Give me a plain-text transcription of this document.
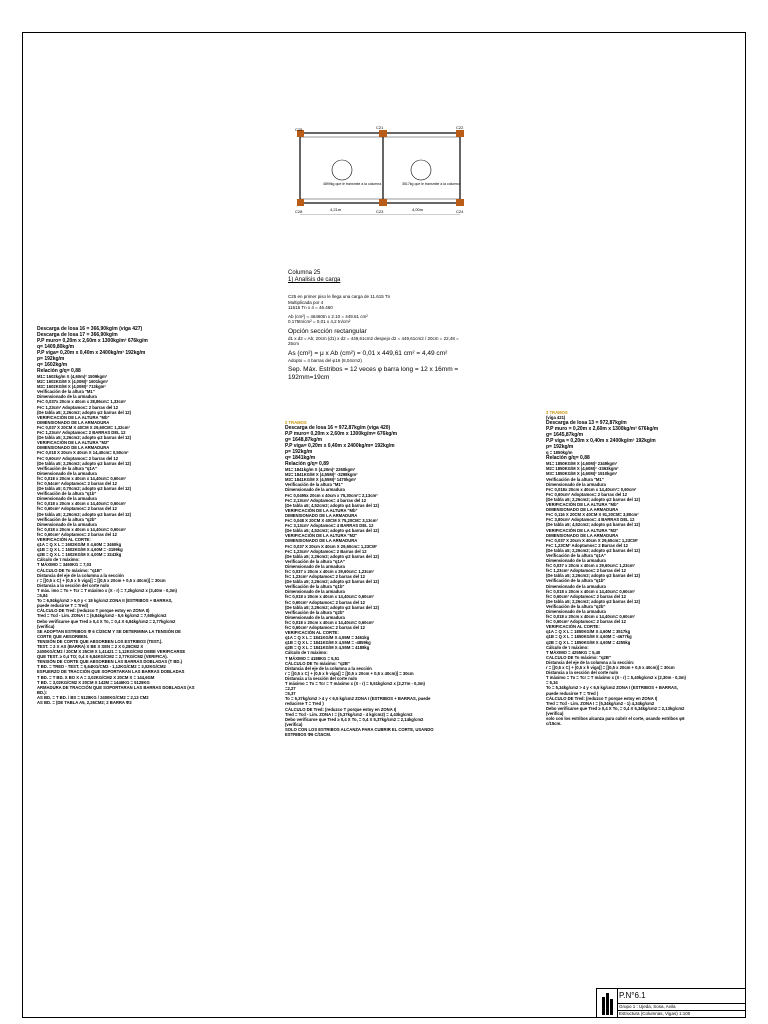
C25	C21	C22
C28	C23	C24
4,21m	4,00m
4899kg que le transmite a la columna	3517kg que le transmite a la columna
Columna 25
1) Analisis de carga
C25 en primer piso le llega una carga de 11.615 Tn
Multiplicada por 4
11615 Tn x 4 = 46.460
Ab (cm²) = 46460tn x 2.10 = 449.61 cm²
0.175tn/cm² = 0,01 x 4,2 tn/cm²
Opción sección rectangular
d1 x d2 = Ab; 20cm (d1) x d2 = 449,61cm2 despejo d2 = 449,61cm2 / 20cm = 22,48 = 25cm
As (cm²) = μ x Ab (cm²) = 0,01 x 449,61 cm² = 4,49 cm²
Adopto = 4 barras del φ16 (8,04cm2)
Sep. Máx. Estribos = 12 veces φ barra long = 12 x 16mm = 192mm=19cm
Descarga de losa 16 = 366,90kg/m (viga 427)
Descarga de losa 17 = 366,90kg/m
P.P muro= 0,20m x 2,60m x 1300kg/m³ 676kg/m
q= 1409,80kg/m
P.P viga= 0,20m x 0,40m x 2400kg/m³ 192kg/m
p= 192kg/m
q= 1602kg/m
Relación g/q= 0,88
M1= 1602kg/m X (4,60m)² 1509kgm²
M2= 1602KG/M X (4,00M)² 1601kgm²
M3= 1602KG/M X (4,00M)² 713kgm²
Verificación de la altura "M1"
Dimensionado de la armadura
Fe= 0,037x 20cm x 40cm x 28,86cm= 1,33cm²
Fe= 1,23cm² Adoptamos= 2 barras del 12
(De tabla a5; 2,26cm2; adopto φ2 barras del 12)
VERIFICACIÓN DE LA ALTURA "Mb"
DIMENSIONADO DE LA ARMADURA
Fe= 0,037 X 20CM X 40CM X 29,60CM= 1,32cm²
Fe= 1,23cm² Adoptamos= 2 BARRAS DEL 12
(De tabla a5; 2,26cm2; adopto φ2 barras del 12)
VERIFICACIÓN DE LA ALTURA "M2"
DIMENSIONADO DE LA ARMADURA
Fe= 0,018 X 20cm X 40cm X 14,40cm= 0,50cm²
Fe= 0,60cm² Adoptamos= 2 barras del 12
(De tabla a5; 2,26cm2; adopto φ2 barras del 12)
Verificación de la altura "q1A"
Dimensionado de la armadura
fe= 0,018 x 20cm x 40cm x 14,40cm= 0,60cm²
fe= 0,54cm² Adoptamos= 2 barras del 12
(De tabla a5; 0,70cm2; adopto φ2 barras del 12)
Verificación de la altura "q1b"
Dimensionado de la armadura
fe= 0,018 x 20cm x 40cm x 14,40cm= 0,60cm²
fe= 0,60cm² Adoptamos= 2 barras del 12
(De tabla a5; 2,26cm2; adopto φ2 barras del 12)
Verificación de la altura "q2b"
Dimensionado de la armadura
fe= 0,018 x 20cm x 40cm x 14,40cm= 0,60cm²
fe= 0,60cm² Adoptamos= 2 barras del 12
VERIFICACIÓN AL CORTE:
q1A = Q X L = 1602KG/M X 4,60M = 3460kg
q1B = Q X L = 1602KG/M X 4,60M = -3199kg
q2B = Q X L = 1602KG/M X 4,00M = 3243kg
Cálculo de τ máximo:
T MÁXIMO = 3460KG = 7,03
CÁLCULO DE To máximo: "q1B"
Distancia del eje de la columna a la sección
r = [(0,5 x C) + (0,5 x h viga)] = [(0,5 x 20cm + 0,5 x 40cm)] = 30cm
Distancia a la sección del corte nulo
T máx. imo = To + Tcr = T máximo x (X - r) = 7,2kg/cm2 x (3,40m - 0,3m)
=6,84
To = 6,84kg/cm2 > 6,0 y < 18 kg/cm2 ZONA II (ESTRIBOS + BARRAS,
puede reducirse T = Tred)
CÁLCULO DE Tred: (reduzco T porque estoy en ZONA II)
Tred = Tcd - Lim. ZONA I = (6,84kg/cm2 - 5,6 kg/cm2 = 7,60kg/cm2
Debo verificarse que Tred ≥ 0,4 X To, = 0,4 X 6,84kg/cm2 = 2,77kg/cm2
(verifica)
SE ADOPTAN ESTRIBOS Φ 6 C/25CM Y SE DETERMINA LA TENSIÓN DE
CORTE QUE ABSORBEN.
TENSIÓN DE CORTE QUE ABSORBEN LOS ESTRIBOS (TEST.).
TEST. = 2 X AS (BARRA) X BE X SEN = 2 X 0,28CM2 X
2400KG/CM2 / 20CM X 25CM X 1,41421 = 1,12KG/CM2 DEBE VERIFICARSE
QUE TEST. ≥ 0,4 TO; 0,4 X 6,84KG/CM2 = 2,77KG/CM2 (VERIFICA).
TENSIÓN DE CORTE QUE ABSORBEN LAS BARRAS DOBLADAS (T BD.)
T BD. = TRED - TEST. = 5,64KG/CM2 - 1,12KG/CM2 = 3,02KG/CM2
ESFUERZO DE TRACCIÓN QUE SOPORTARAN LAS BARRAS DOBLADAS
T BD. = T BD. X BO X A = 3,02KG/CM2 X 20CM X = 144,6GM
T BD. = 3,02KG/CM2 X 20CM X 142M = 1446KG = 5128KG
ARMADURA DE TRACCIÓN QUE SOPORTARAN LAS BARRAS DOBLADAS (AS
BD.):
AS BD. = T BD. / BS = 5128KG / 2400KG/CM2 = 2,13 CM2
AS BD. = (DE TABLA A5, 2,26CM2; 2 BARRA Φ2
2 TRAMOS
Descarga de losa 16 = 972,87kg/m (viga 420)
P.P muro= 0,20m x 2,60m x 1300kg/m= 676kg/m
g= 1648,87kg/m
P.P viga= 0,20m x 0,40m x 2400kg/m= 192kg/m
p= 192kg/m
q= 1841kg/m
Relación g/q= 0,89
M1= 1841kg/m X (4,20m)² 2260kgm²
M2= 1841KG/M X (4,55M)² -3298kgm²
M3= 1841KG/M X (4,55M)² 1470kgm²
Verificación de la altura "M1"
Dimensionado de la armadura
Fe= 0,0495x 20cm x 40cm x 75,30cm²= 2,13cm²
Fe= 2,13cm² Adoptamos= 4 barras del 12
(De tabla a5; 4,52cm2; adopto φ4 barras del 12)
VERIFICACIÓN DE LA ALTURA "Mb"
DIMENSIONADO DE LA ARMADURA
Fe= 0,048 X 20CM X 40CM X 75,20CM= 3,13cm²
Fe= 3,13cm² Adoptamos= 4 BARRAS DEL 12
(De tabla a5; 4,52cm2; adopto φ4 barras del 12)
VERIFICACIÓN DE LA ALTURA "M2"
DIMENSIONADO DE LA ARMADURA
Fe= 0,037 X 20cm X 40cm X 29,60cm= 1,23CM²
Fe= 1,23cm² Adoptamos= 2 Barras del 12
(De tabla a5; 2,26cm2; adopto φ2 barras del 12)
Verificación de la altura "q1A"
Dimensionado de la armadura
fe= 0,037 x 20cm x 40cm x 29,60cm= 1,23cm²
fe= 1,23cm² Adoptamos= 2 barras del 12
(De tabla a5; 2,26cm2; adopto φ2 barras del 12)
Verificación de la altura "q1b"
Dimensionado de la armadura
fe= 0,018 x 20cm x 40cm x 14,40cm= 0,60cm²
fe= 0,60cm² Adoptamos= 2 barras del 12
(De tabla a5; 2,26cm2; adopto φ2 barras del 12)
Verificación de la altura "q2b"
Dimensionado de la armadura
fe= 0,018 x 20cm x 40cm x 14,40cm= 0,60cm²
fe= 0,60cm² Adoptamos= 2 barras del 12
VERIFICACIÓN AL CORTE:
q1A = Q X L = 1841KG/M X 4,55M = 3461kg
q1B = Q X L = 1841KG/M X 4,55M = -4859kg
q2B = Q X L = 1841KG/M X 4,55M = 4188kg
Cálculo de τ máximo:
T MÁXIMO = 4188KG = 5,51
CÁLCULO DE To máximo: "q2B"
Distancia del eje de la columna a la sección
r = [(0,5 x C) + (0,5 x h viga)] = [(0,5 x 20cm + 0,5 x 40cm)] = 30cm
Distancia a la sección del corte nulo
T máximo = To = Tcr = T máximo x (X - r) = 5,51kg/cm2 x (2,27m - 0,3m)
=2,27
=5,37
To = 5,37kg/cm2 > 4 y < 6,5 kg/cm2 ZONA I (ESTRIBOS + BARRAS, puede
reducirse T = Tred )
CÁLCULO DE Tred: (reduzco T porque estoy en ZONA I)
Tred = Tcd - Lim. ZONA I = (5,37kg/cm2 - 4 kg/cm2) = 4,43kg/cm2
Debo verificarse que Tred ≥ 0,4 X To, = 0,4 X 5,37kg/cm2 = 2,14kg/cm2
(verifica)
SOLO CON LOS ESTRIBOS ALCANZA PARA CUBRIR EL CORTE, USANDO
ESTRIBOS Φ6 C/15CM.
3 TRAMOS
(viga 421)
Descarga de losa 13 = 972,87kg/m
P.P muro = 0,20m x 2,60m x 1300kg/m³ 676kg/m
g= 1645,87kg/m
P.P viga = 0,20m x 0,40m x 2400kg/m³ 192kg/m
p= 192kg/m
q = 1850kg/m
Relación g/q= 0,88
M1= 1850KG/M X (4,60M)² 2349kgm²
M2= 1850KG/M X (4,60M)² -3363kgm²
M3= 1850KG/M X (4,60M)² 1510kgm²
Verificación de la altura "M1"
Dimensionado de la armadura
Fe= 0,018x 20cm x 40cm x 14,40cm²= 0,60cm²
Fe= 0,60cm² Adoptamos= 2 barras del 12
(De tabla a5; 2,26cm2; adopto φ2 barras del 12)
VERIFICACIÓN DE LA ALTURA "Mb"
DIMENSIONADO DE LA ARMADURA
Fe= 0,116 X 20CM X 40CM X 91,20CM= 3,80cm²
Fe= 3,80cm² Adoptamos= 4 BARRAS DEL 12
(De tabla a5; 4,52cm2; adopto φ4 barras del 12)
VERIFICACIÓN DE LA ALTURA "M2"
DIMENSIONADO DE LA ARMADURA
Fe= 0,037 X 20cm X 40cm X 29,60cm= 1,23CM²
Fe= 1,23CM² Adoptamos= 2 Barras del 12
(De tabla a5; 2,26cm2; adopto φ2 barras del 12)
Verificación de la altura "q1A"
Dimensionado de la armadura
fe= 0,037 x 20cm x 40cm x 29,60cm= 1,23cm²
fe= 1,23cm² Adoptamos= 2 barras del 12
(De tabla a5; 2,26cm2; adopto φ2 barras del 12)
Verificación de la altura "q1b"
Dimensionado de la armadura
fe= 0,018 x 20cm x 40cm x 14,40cm= 0,60cm²
fe= 0,60cm² Adoptamos= 2 barras del 12
(De tabla a5; 2,26cm2; adopto φ2 barras del 12)
Verificación de la altura "q2b"
Dimensionado de la armadura
fe= 0,018 x 20cm x 40cm x 14,40cm= 0,60cm²
fe= 0,60cm² Adoptamos= 2 barras del 12
VERIFICACIÓN AL CORTE:
q1A = Q X L = 1850KG/M X 4,60M = 3517kg
q1B = Q X L = 1850KG/M X 4,60M = -4677kg
q2B = Q X L = 1850KG/M X 4,60M = 4255kg
Cálculo de τ máximo:
T MÁXIMO = 4255KG = 5,40
CALCULO DE To máximo: "q2B"
Distancia del eje de la columna a la sección:
r = [(0,5 x C) + (0,5 x h viga)] = [(0,5 x 20cm + 0,5 x 40cm)] = 30cm
Distancia a la sección del corte nulo
T máximo = To = Tcr = T máximo x (X - r) = 5,40kg/cm2 x (2,30m - 0,3m)
= 5,34
To = 5,34kg/cm2 > 4 y < 6,5 kg/cm2 ZONA I (ESTRIBOS + BARRAS,
puede reducirse T = Tred )
CÁLCULO DE Tred: (reduzco T porque estoy en ZONA I)
Tred = Tcd - Lim. ZONA I = (5,34kg/cm2 - 1) 4,34kg/cm2
Debo verificarse que Tred ≥ 0,4 X To, = 0,4 X 5,34kg/cm2 = 2,13kg/cm2
(verifica)
solo con los estribos alcanza para cubrir el corte, usando estribos φ6
c/15cm.
P.N°6.1
Grupo 1 : Ujeda, Sosa, Avila
Estructura (Columnas, Vigas) 1:100
